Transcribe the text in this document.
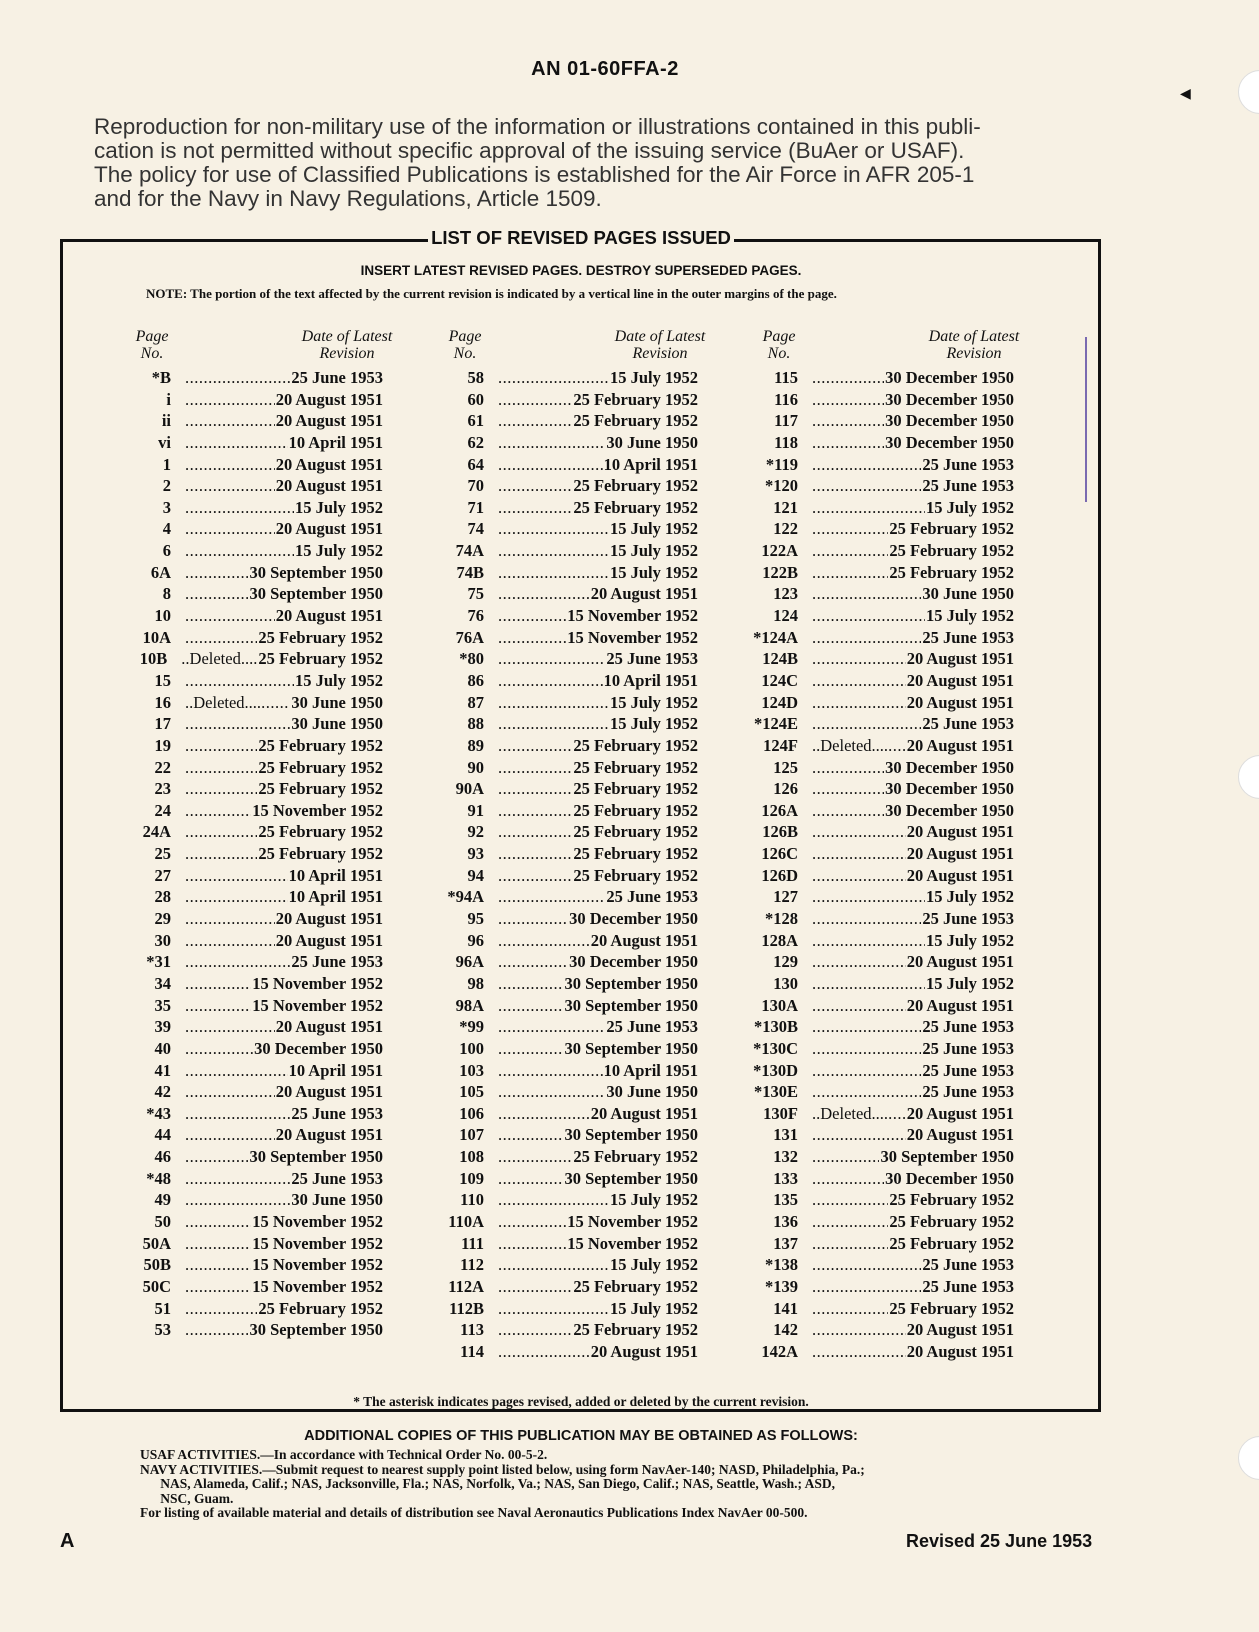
AN 01-60FFA-2
◀
Reproduction for non-military use of the information or illustrations contained in this publi-
cation is not permitted without specific approval of the issuing service (BuAer or USAF).
The policy for use of Classified Publications is established for the Air Force in AFR 205-1
and for the Navy in Navy Regulations, Article 1509.
LIST OF REVISED PAGES ISSUED
INSERT LATEST REVISED PAGES. DESTROY SUPERSEDED PAGES.
NOTE: The portion of the text affected by the current revision is indicated by a vertical line in the outer margins of the page.
Page
No.
Date of Latest
Revision
*B .....	25 June 1953
i .....	20 August 1951
ii .....	20 August 1951
vi .....	10 April 1951
1 .....	20 August 1951
2 .....	20 August 1951
3 .....	15 July 1952
4 .....	20 August 1951
6 .....	15 July 1952
6A .....	30 September 1950
8 .....	30 September 1950
10 .....	20 August 1951
10A .....	25 February 1952
10B ..Deleted.... 25 February 1952
15 .....	15 July 1952
16 ..Deleted.... ..... 30 June 1950
17 .....	30 June 1950
19 .....	25 February 1952
22 .....	25 February 1952
23 .....	25 February 1952
24 .....	15 November 1952
24A .....	25 February 1952
25 .....	25 February 1952
27 .....	10 April 1951
28 .....	10 April 1951
29 .....	20 August 1951
30 .....	20 August 1951
*31 .....	25 June 1953
34 .....	15 November 1952
35 .....	15 November 1952
39 .....	20 August 1951
40 .....	30 December 1950
41 .....	10 April 1951
42 .....	20 August 1951
*43 .....	25 June 1953
44 .....	20 August 1951
46 .....	30 September 1950
*48 .....	25 June 1953
49 .....	30 June 1950
50 .....	15 November 1952
50A .....	15 November 1952
50B .....	15 November 1952
50C .....	15 November 1952
51 .....	25 February 1952
53 .....	30 September 1950
Page
No.
Date of Latest
Revision
58 .....	15 July 1952
60 .....	25 February 1952
61 .....	25 February 1952
62 .....	30 June 1950
64 .....	10 April 1951
70 .....	25 February 1952
71 .....	25 February 1952
74 .....	15 July 1952
74A .....	15 July 1952
74B .....	15 July 1952
75 .....	20 August 1951
76 .....	15 November 1952
76A .....	15 November 1952
*80 .....	25 June 1953
86 .....	10 April 1951
87 .....	15 July 1952
88 .....	15 July 1952
89 .....	25 February 1952
90 .....	25 February 1952
90A .....	25 February 1952
91 .....	25 February 1952
92 .....	25 February 1952
93 .....	25 February 1952
94 .....	25 February 1952
*94A .....	25 June 1953
95 .....	30 December 1950
96 .....	20 August 1951
96A .....	30 December 1950
98 .....	30 September 1950
98A .....	30 September 1950
*99 .....	25 June 1953
100 .....	30 September 1950
103 .....	10 April 1951
105 .....	30 June 1950
106 .....	20 August 1951
107 .....	30 September 1950
108 .....	25 February 1952
109 .....	30 September 1950
110 .....	15 July 1952
110A .....	15 November 1952
111 .....	15 November 1952
112 .....	15 July 1952
112A .....	25 February 1952
112B .....	15 July 1952
113 .....	25 February 1952
114 .....	20 August 1951
Page
No.
Date of Latest
Revision
115 .....	30 December 1950
116 .....	30 December 1950
117 .....	30 December 1950
118 .....	30 December 1950
*119 .....	25 June 1953
*120 .....	25 June 1953
121 .....	15 July 1952
122 .....	25 February 1952
122A .....	25 February 1952
122B .....	25 February 1952
123 .....	30 June 1950
124 .....	15 July 1952
*124A .....	25 June 1953
124B .....	20 August 1951
124C .....	20 August 1951
124D .....	20 August 1951
*124E .....	25 June 1953
124F ..Deleted.... ..... 20 August 1951
125 .....	30 December 1950
126 .....	30 December 1950
126A .....	30 December 1950
126B .....	20 August 1951
126C .....	20 August 1951
126D .....	20 August 1951
127 .....	15 July 1952
*128 .....	25 June 1953
128A .....	15 July 1952
129 .....	20 August 1951
130 .....	15 July 1952
130A .....	20 August 1951
*130B .....	25 June 1953
*130C .....	25 June 1953
*130D .....	25 June 1953
*130E .....	25 June 1953
130F ..Deleted.... ..... 20 August 1951
131 .....	20 August 1951
132 .....	30 September 1950
133 .....	30 December 1950
135 .....	25 February 1952
136 .....	25 February 1952
137 .....	25 February 1952
*138 .....	25 June 1953
*139 .....	25 June 1953
141 .....	25 February 1952
142 .....	20 August 1951
142A .....	20 August 1951
* The asterisk indicates pages revised, added or deleted by the current revision.
ADDITIONAL COPIES OF THIS PUBLICATION MAY BE OBTAINED AS FOLLOWS:
USAF ACTIVITIES.—In accordance with Technical Order No. 00-5-2.
NAVY ACTIVITIES.—Submit request to nearest supply point listed below, using form NavAer-140; NASD, Philadelphia, Pa.;
NAS, Alameda, Calif.; NAS, Jacksonville, Fla.; NAS, Norfolk, Va.; NAS, San Diego, Calif.; NAS, Seattle, Wash.; ASD,
NSC, Guam.
For listing of available material and details of distribution see Naval Aeronautics Publications Index NavAer 00-500.
A	Revised 25 June 1953
